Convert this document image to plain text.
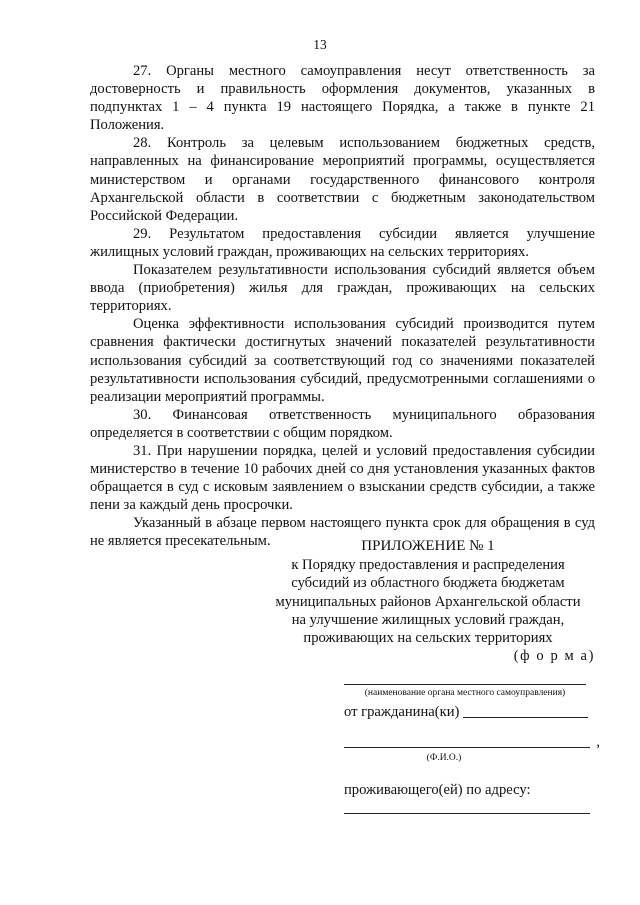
13

27. Органы местного самоуправления несут ответственность за достоверность и правильность оформления документов, указанных в подпунктах 1 – 4 пункта 19 настоящего Порядка, а также в пункте 21 Положения.

28. Контроль за целевым использованием бюджетных средств, направленных на финансирование мероприятий программы, осуществляется министерством и органами государственного финансового контроля Архангельской области в соответствии с бюджетным законодательством Российской Федерации.

29. Результатом предоставления субсидии является улучшение жилищных условий граждан, проживающих на сельских территориях.

Показателем результативности использования субсидий является объем ввода (приобретения) жилья для граждан, проживающих на сельских территориях.

Оценка эффективности использования субсидий производится путем сравнения фактически достигнутых значений показателей результативности использования субсидий за соответствующий год со значениями показателей результативности использования субсидий, предусмотренными соглашениями о реализации мероприятий программы.

30. Финансовая ответственность муниципального образования определяется в соответствии с общим порядком.

31. При нарушении порядка, целей и условий предоставления субсидии министерство в течение 10 рабочих дней со дня установления указанных фактов обращается в суд с исковым заявлением о взыскании средств субсидии, а также пени за каждый день просрочки.

Указанный в абзаце первом настоящего пункта срок для обращения в суд не является пресекательным.	ПРИЛОЖЕНИЕ № 1
к Порядку предоставления и распределения
субсидий из областного бюджета бюджетам
муниципальных районов Архангельской области
на улучшение жилищных условий граждан,
проживающих на сельских территориях
(ф о р м а)
(наименование органа местного самоуправления)
от гражданина(ки)
,
(Ф.И.О.)
проживающего(ей) по адресу:
